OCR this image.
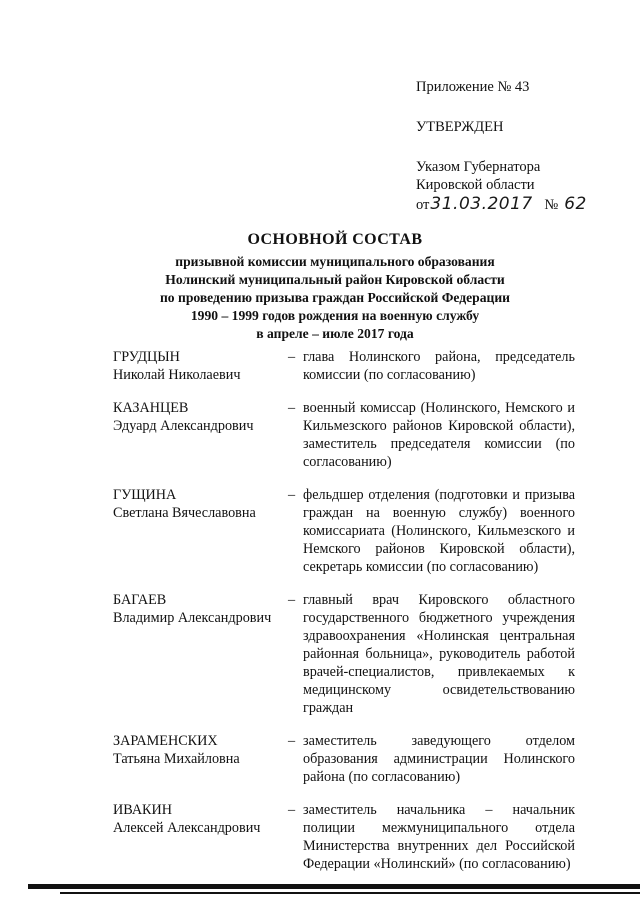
Приложение № 43
УТВЕРЖДЕН
Указом Губернатора
Кировской области
от31.03.2017 № 62
ОСНОВНОЙ СОСТАВ
призывной комиссии муниципального образования
Нолинский муниципальный район Кировской области
по проведению призыва граждан Российской Федерации
1990 – 1999 годов рождения на военную службу
в апреле – июле 2017 года
ГРУДЦЫН
Николай Николаевич
– глава Нолинского района, председатель комиссии (по согласованию)
КАЗАНЦЕВ
Эдуард Александрович
– военный комиссар (Нолинского, Немского и Кильмезского районов Кировской области), заместитель председателя комиссии (по согласованию)
ГУЩИНА
Светлана Вячеславовна
– фельдшер отделения (подготовки и призыва граждан на военную службу) военного комиссариата (Нолинского, Кильмезского и Немского районов Кировской области), секретарь комиссии (по согласованию)
БАГАЕВ
Владимир Александрович
– главный врач Кировского областного государственного бюджетного учреждения здравоохранения «Нолинская центральная районная больница», руководитель работой врачей-специалистов, привлекаемых к медицинскому освидетельствованию граждан
ЗАРАМЕНСКИХ
Татьяна Михайловна
– заместитель заведующего отделом образования администрации Нолинского района (по согласованию)
ИВАКИН
Алексей Александрович
– заместитель начальника – начальник полиции межмуниципального отдела Министерства внутренних дел Российской Федерации «Нолинский» (по согласованию)
